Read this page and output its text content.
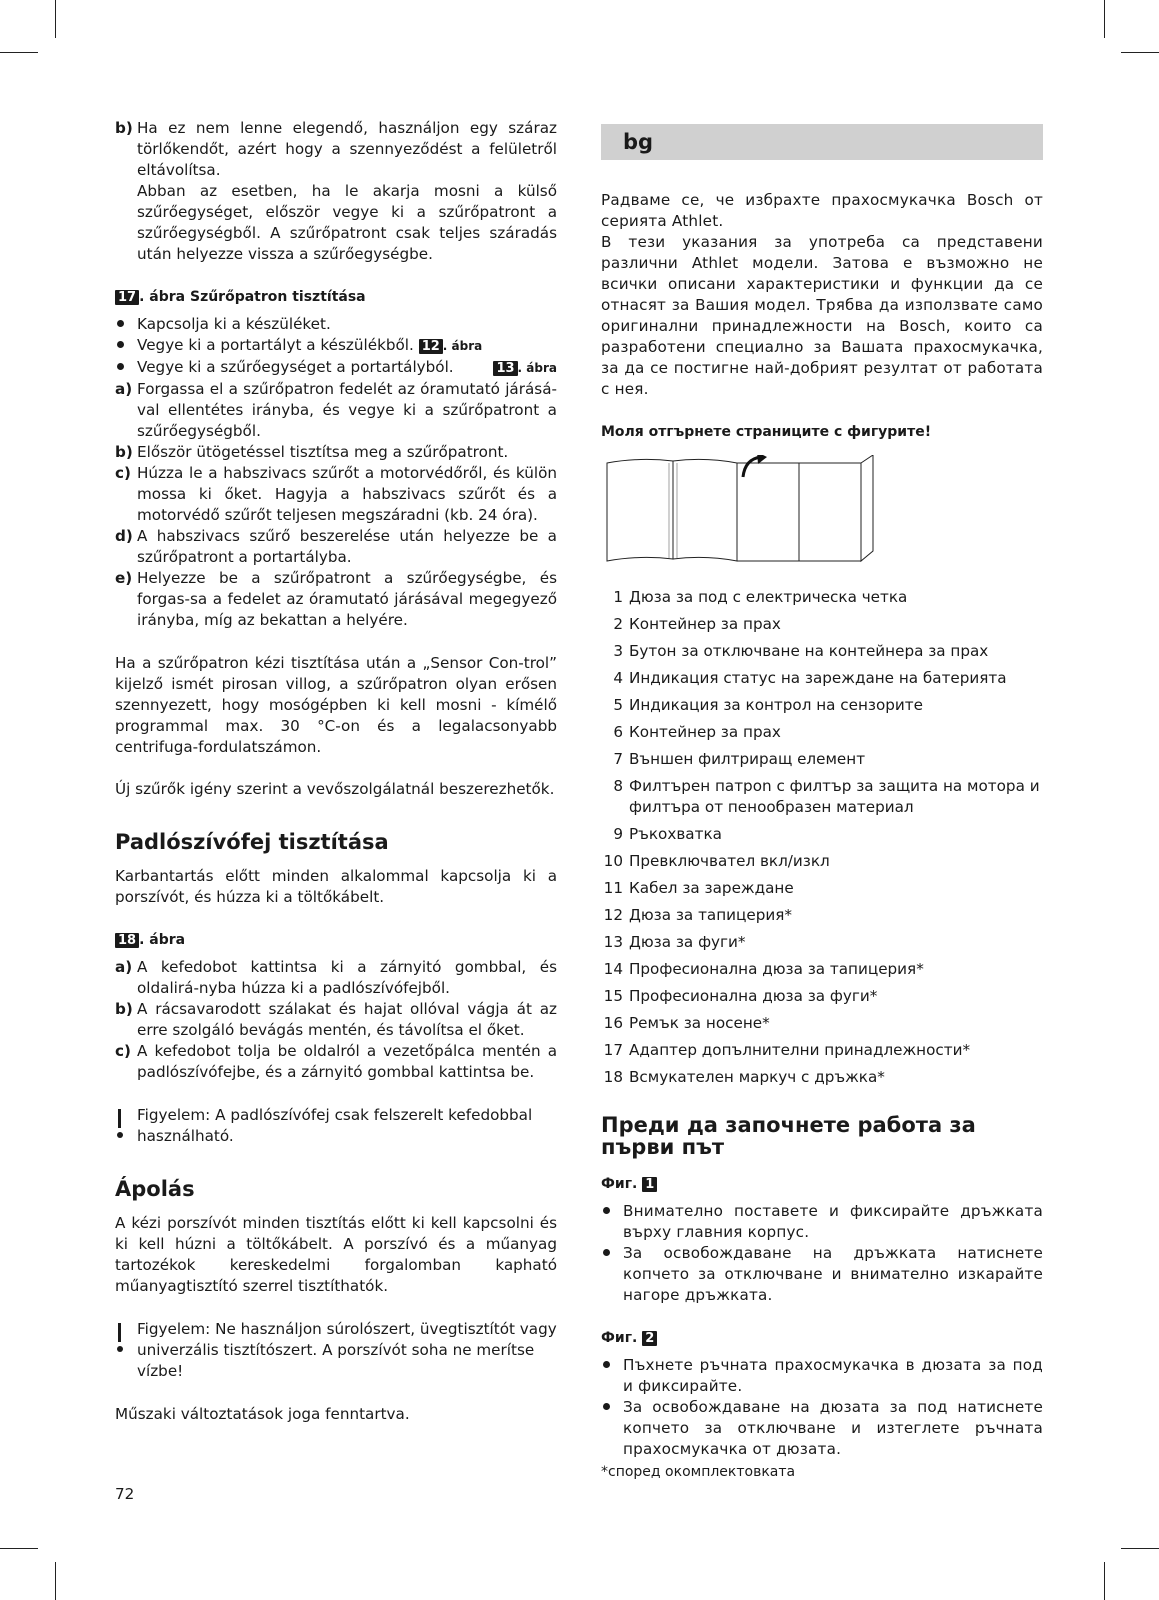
b) Ha ez nem lenne elegendő, használjon egy száraz törlőkendőt, azért hogy a szennyeződést a felületről eltávolítsa.

Abban az esetben, ha le akarja mosni a külső szűrőegységet, először vegye ki a szűrőpatront a szűrőegységből. A szűrőpatront csak teljes száradás után helyezze vissza a szűrőegységbe.

17 . ábra Szűrőpatron tisztítása
Kapcsolja ki a készüléket.
Vegye ki a portartályt a készülékből. 12 . ábra
Vegye ki a szűrőegységet a portartályból.	13 . ábra
a) Forgassa el a szűrőpatron fedelét az óramutató járásá-val ellentétes irányba, és vegye ki a szűrőpatront a szűrőegységből.
b) Először ütögetéssel tisztítsa meg a szűrőpatront.
c) Húzza le a habszivacs szűrőt a motorvédőről, és külön mossa ki őket. Hagyja a habszivacs szűrőt és a motorvédő szűrőt teljesen megszáradni (kb. 24 óra).
d) A habszivacs szűrő beszerelése után helyezze be a szűrőpatront a portartályba.
e) Helyezze be a szűrőpatront a szűrőegységbe, és forgas-sa a fedelet az óramutató járásával megegyező irányba, míg az bekattan a helyére.

Ha a szűrőpatron kézi tisztítása után a „Sensor Con-trol” kijelző ismét pirosan villog, a szűrőpatron olyan erősen szennyezett, hogy mosógépben ki kell mosni - kímélő programmal max. 30 °C-on és a legalacsonyabb centrifuga-fordulatszámon.

Új szűrők igény szerint a vevőszolgálatnál beszerezhetők.

Padlószívófej tisztítása

Karbantartás előtt minden alkalommal kapcsolja ki a porszívót, és húzza ki a töltőkábelt.

18 . ábra
a) A kefedobot kattintsa ki a zárnyitó gombbal, és oldalirá-nyba húzza ki a padlószívófejből.
b) A rácsavarodott szálakat és hajat ollóval vágja át az erre szolgáló bevágás mentén, és távolítsa el őket.
c) A kefedobot tolja be oldalról a vezetőpálca mentén a padlószívófejbe, és a zárnyitó gombbal kattintsa be.
Figyelem: A padlószívófej csak felszerelt kefedobbal használható.
Ápolás

A kézi porszívót minden tisztítás előtt ki kell kapcsolni és ki kell húzni a töltőkábelt. A porszívó és a műanyag tartozékok kereskedelmi forgalomban kapható műanyagtisztító szerrel tisztíthatók.

Figyelem: Ne használjon súrolószert, üvegtisztítót vagy univerzális tisztítószert. A porszívót soha ne merítse vízbe!

Műszaki változtatások joga fenntartva.

72
bg

Радваме се, че избрахте прахосмукачка Bosch от серията Athlet.

В тези указания за употреба са представени различни Athlet модели. Затова е възможно не всички описани характеристики и функции да се отнасят за Вашия модел. Трябва да използвате само оригинални принадлежности на Bosch, които са разработени специално за Вашата прахосмукачка, за да се постигне най-добрият резултат от работата с нея.

Моля отгърнете страниците с фигурите!

1 Дюза за под с електрическа четка
2 Контейнер за прах
3 Бутон за отключване на контейнера за прах
4 Индикация статус на зареждане на батерията
5 Индикация за контрол на сензорите
6 Контейнер за прах
7 Външен филтриращ елемент
8 Филтърен патрon с филтър за защита на мотора и филтъра от пенообразен материал
9 Ръкохватка
10 Превключвател вкл/изкл
11 Кабел за зареждане
12 Дюза за тапицерия*
13 Дюза за фуги*
14 Професионална дюза за тапицерия*
15 Професионална дюза за фуги*
16 Ремък за носене*
17 Адаптер допълнителни принадлежности*
18 Всмукателен маркуч с дръжка*
Преди да започнете работа за първи път
Фиг. 1
Внимателно поставете и фиксирайте дръжката върху главния корпус.
За освобождаване на дръжката натиснете копчето за отключване и внимателно изкарайте нагоре дръжката.
Фиг. 2
Пъхнете ръчната прахосмукачка в дюзата за под и фиксирайте.
За освобождаване на дюзата за под натиснете копчето за отключване и изтеглете ръчната прахосмукачка от дюзата.

*според окомплектовката
